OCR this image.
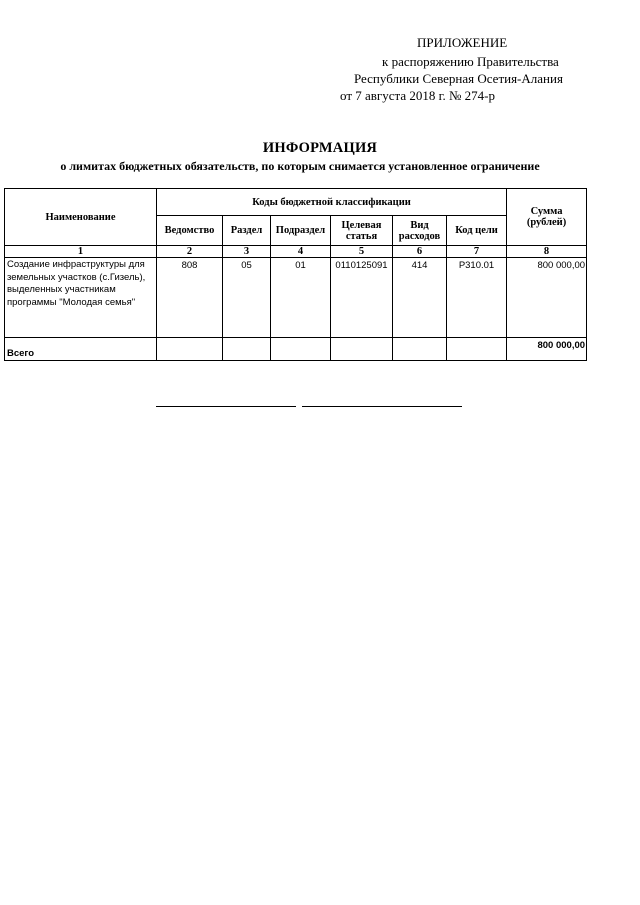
ПРИЛОЖЕНИЕ
к распоряжению Правительства
Республики Северная Осетия-Алания
от 7 августа 2018 г. № 274-р
ИНФОРМАЦИЯ
о лимитах бюджетных обязательств, по которым снимается установленное ограничение
Наименование	Коды бюджетной классификации						Сумма (рублей)
	Ведомство	Раздел	Подраздел	Целевая статья	Вид расходов	Код цели	
1	2	3	4	5	6	7	8
Создание инфраструктуры для земельных участков (с.Гизель), выделенных участникам программы "Молодая семья"	808	05	01	0110125091	414	Р310.01	800 000,00
Всего							800 000,00
